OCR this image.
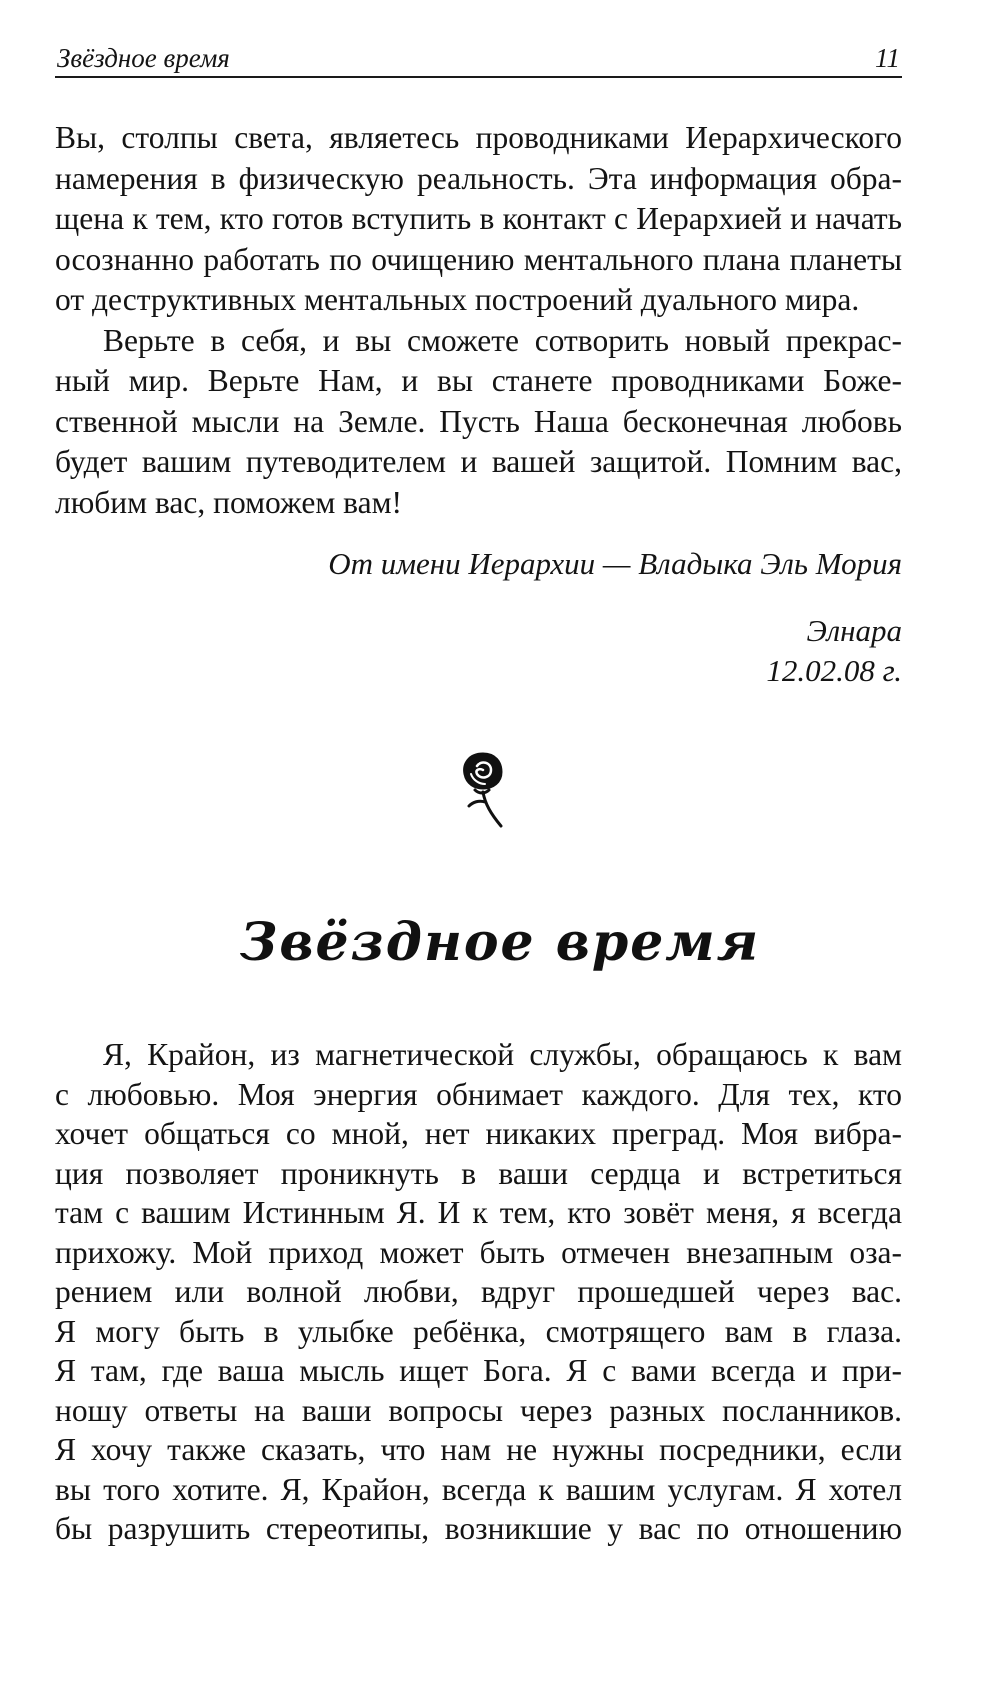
Звёздное время	11

Вы, столпы света, являетесь проводниками Иерархического
намерения в физическую реальность. Эта информация обра-
щена к тем, кто готов вступить в контакт с Иерархией и начать
осознанно работать по очищению ментального плана планеты
от деструктивных ментальных построений дуального мира.

Верьте в себя, и вы сможете сотворить новый прекрас-
ный мир. Верьте Нам, и вы станете проводниками Боже-
ственной мысли на Земле. Пусть Наша бесконечная любовь
будет вашим путеводителем и вашей защитой. Помним вас,
любим вас, поможем вам!

От имени Иерархии — Владыка Эль Мория
Элнара
12.02.08 г.
Звёздное время

Я, Крайон, из магнетической службы, обращаюсь к вам
с любовью. Моя энергия обнимает каждого. Для тех, кто
хочет общаться со мной, нет никаких преград. Моя вибра-
ция позволяет проникнуть в ваши сердца и встретиться
там с вашим Истинным Я. И к тем, кто зовёт меня, я всегда
прихожу. Мой приход может быть отмечен внезапным оза-
рением или волной любви, вдруг прошедшей через вас.
Я могу быть в улыбке ребёнка, смотрящего вам в глаза.
Я там, где ваша мысль ищет Бога. Я с вами всегда и при-
ношу ответы на ваши вопросы через разных посланников.
Я хочу также сказать, что нам не нужны посредники, если
вы того хотите. Я, Крайон, всегда к вашим услугам. Я хотел
бы разрушить стереотипы, возникшие у вас по отношению
